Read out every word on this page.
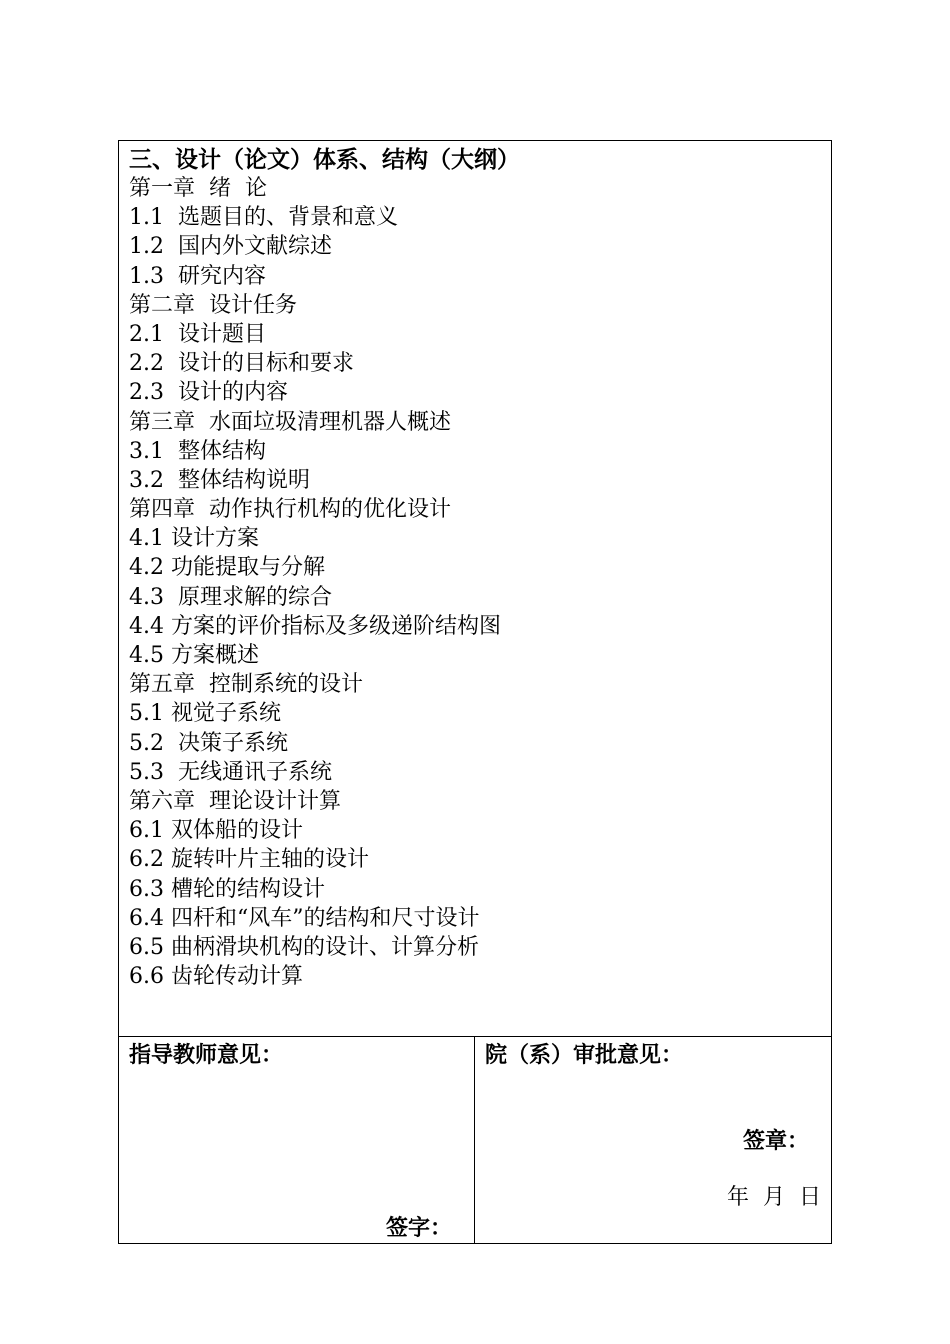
三、设计（论文）体系、结构（大纲）
第一章  绪  论
1.1  选题目的、背景和意义
1.2  国内外文献综述
1.3  研究内容
第二章  设计任务
2.1  设计题目
2.2  设计的目标和要求
2.3  设计的内容
第三章  水面垃圾清理机器人概述
3.1  整体结构
3.2  整体结构说明
第四章  动作执行机构的优化设计
4.1 设计方案
4.2 功能提取与分解
4.3  原理求解的综合
4.4 方案的评价指标及多级递阶结构图
4.5 方案概述
第五章  控制系统的设计
5.1 视觉子系统
5.2  决策子系统
5.3  无线通讯子系统
第六章  理论设计计算
6.1 双体船的设计
6.2 旋转叶片主轴的设计
6.3 槽轮的结构设计
6.4 四杆和“风车”的结构和尺寸设计
6.5 曲柄滑块机构的设计、计算分析
6.6 齿轮传动计算
指导教师意见：
签字：
院（系）审批意见：
签章：
年  月  日
